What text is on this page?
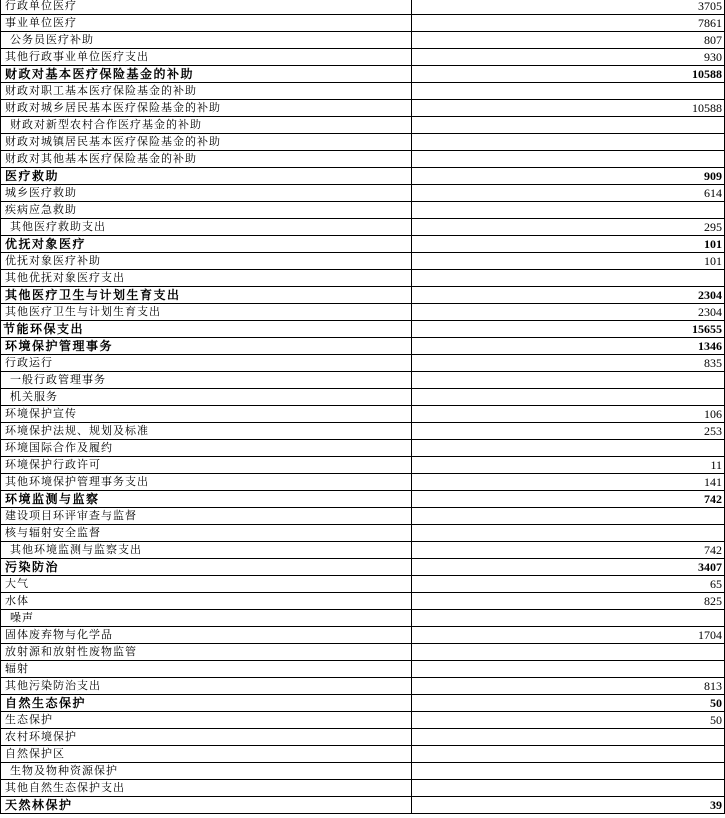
行政单位医疗	3705
事业单位医疗	7861
公务员医疗补助	807
其他行政事业单位医疗支出	930
财政对基本医疗保险基金的补助	10588
财政对职工基本医疗保险基金的补助	
财政对城乡居民基本医疗保险基金的补助	10588
财政对新型农村合作医疗基金的补助	
财政对城镇居民基本医疗保险基金的补助	
财政对其他基本医疗保险基金的补助	
医疗救助	909
城乡医疗救助	614
疾病应急救助	
其他医疗救助支出	295
优抚对象医疗	101
优抚对象医疗补助	101
其他优抚对象医疗支出	
其他医疗卫生与计划生育支出	2304
其他医疗卫生与计划生育支出	2304
节能环保支出	15655
环境保护管理事务	1346
行政运行	835
一般行政管理事务	
机关服务	
环境保护宣传	106
环境保护法规、规划及标准	253
环境国际合作及履约	
环境保护行政许可	11
其他环境保护管理事务支出	141
环境监测与监察	742
建设项目环评审查与监督	
核与辐射安全监督	
其他环境监测与监察支出	742
污染防治	3407
大气	65
水体	825
噪声	
固体废弃物与化学品	1704
放射源和放射性废物监管	
辐射	
其他污染防治支出	813
自然生态保护	50
生态保护	50
农村环境保护	
自然保护区	
生物及物种资源保护	
其他自然生态保护支出	
天然林保护	39
